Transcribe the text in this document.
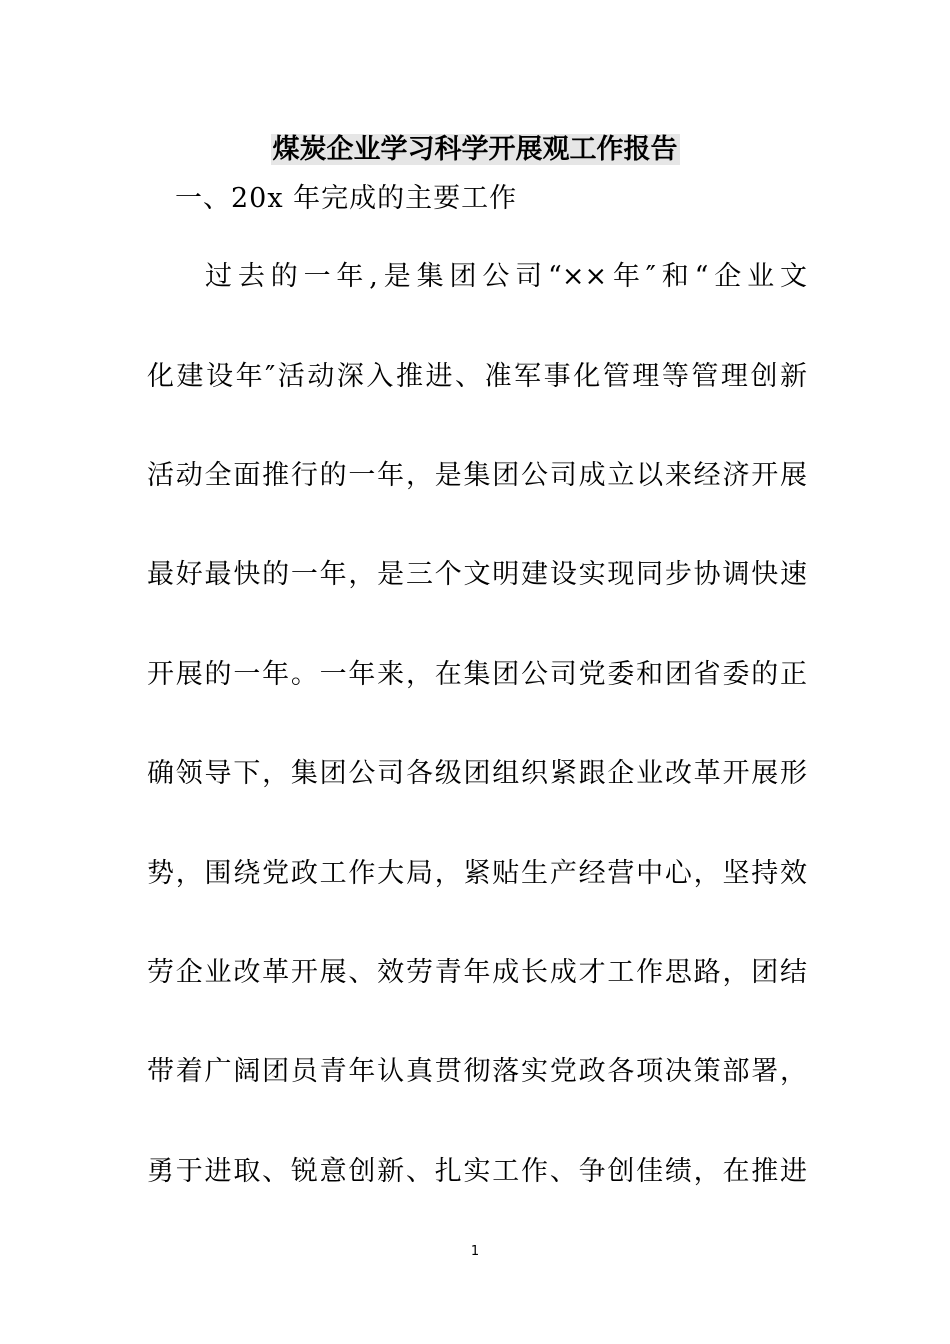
煤炭企业学习科学开展观工作报告
一、20x 年完成的主要工作
过去的一年,是集团公司“××年″和“企业文
化建设年″活动深入推进、准军事化管理等管理创新
活动全面推行的一年，是集团公司成立以来经济开展
最好最快的一年，是三个文明建设实现同步协调快速
开展的一年。一年来，在集团公司党委和团省委的正
确领导下，集团公司各级团组织紧跟企业改革开展形
势，围绕党政工作大局，紧贴生产经营中心，坚持效
劳企业改革开展、效劳青年成长成才工作思路，团结
带着广阔团员青年认真贯彻落实党政各项决策部署，
勇于进取、锐意创新、扎实工作、争创佳绩，在推进
1
